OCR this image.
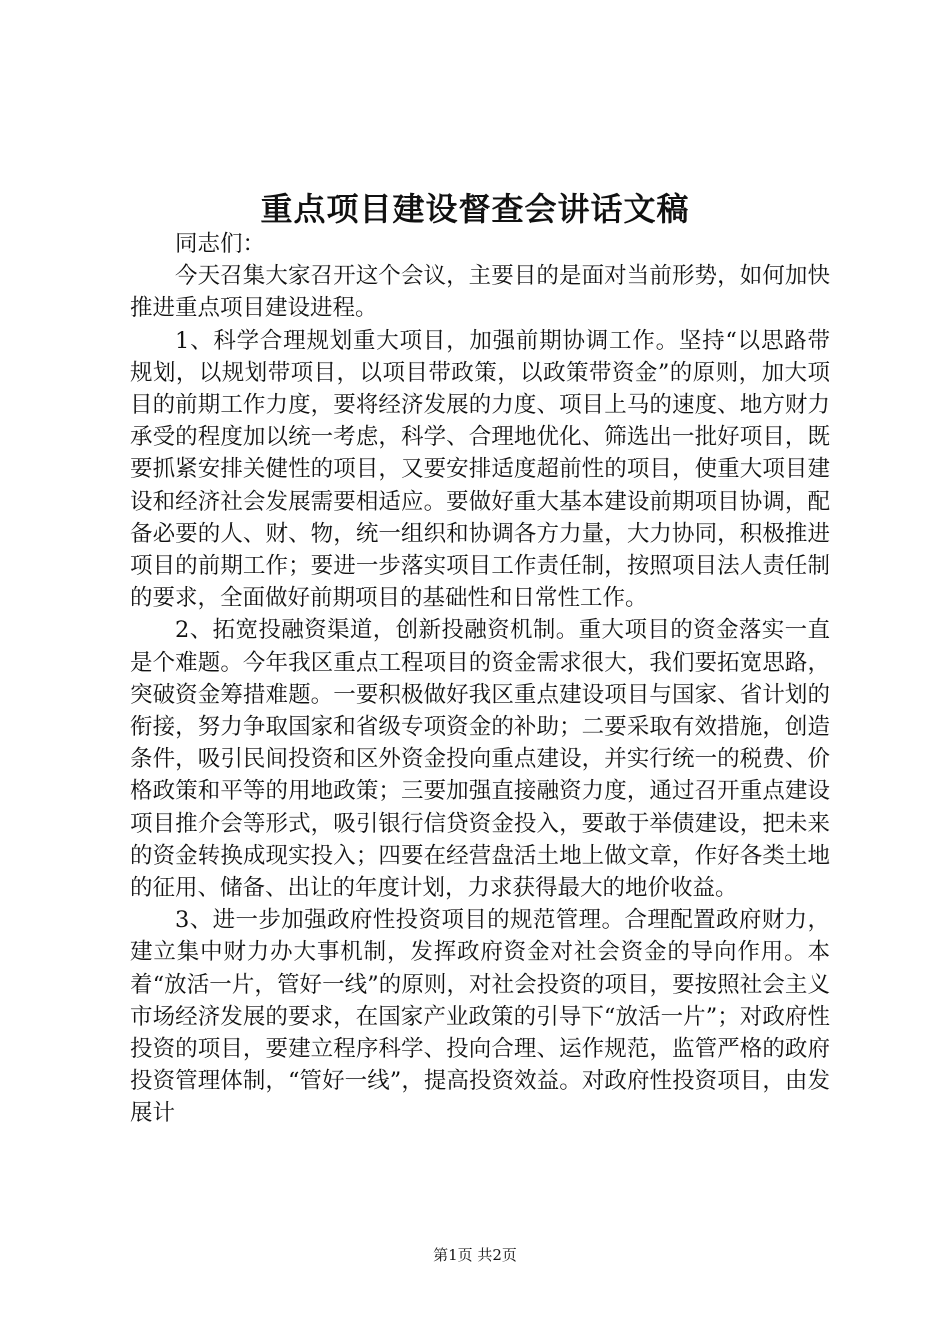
重点项目建设督查会讲话文稿

同志们：

今天召集大家召开这个会议，主要目的是面对当前形势，如何加快推进重点项目建设进程。

1、科学合理规划重大项目，加强前期协调工作。坚持“以思路带规划，以规划带项目，以项目带政策，以政策带资金”的原则，加大项目的前期工作力度，要将经济发展的力度、项目上马的速度、地方财力承受的程度加以统一考虑，科学、合理地优化、筛选出一批好项目，既要抓紧安排关健性的项目，又要安排适度超前性的项目，使重大项目建设和经济社会发展需要相适应。要做好重大基本建设前期项目协调，配备必要的人、财、物，统一组织和协调各方力量，大力协同，积极推进项目的前期工作；要进一步落实项目工作责任制，按照项目法人责任制的要求，全面做好前期项目的基础性和日常性工作。

2、拓宽投融资渠道，创新投融资机制。重大项目的资金落实一直是个难题。今年我区重点工程项目的资金需求很大，我们要拓宽思路，突破资金筹措难题。一要积极做好我区重点建设项目与国家、省计划的衔接，努力争取国家和省级专项资金的补助；二要采取有效措施，创造条件，吸引民间投资和区外资金投向重点建设，并实行统一的税费、价格政策和平等的用地政策；三要加强直接融资力度，通过召开重点建设项目推介会等形式，吸引银行信贷资金投入，要敢于举债建设，把未来的资金转换成现实投入；四要在经营盘活土地上做文章，作好各类土地的征用、储备、出让的年度计划，力求获得最大的地价收益。

3、进一步加强政府性投资项目的规范管理。合理配置政府财力，建立集中财力办大事机制，发挥政府资金对社会资金的导向作用。本着“放活一片，管好一线”的原则，对社会投资的项目，要按照社会主义市场经济发展的要求，在国家产业政策的引导下“放活一片”；对政府性投资的项目，要建立程序科学、投向合理、运作规范，监管严格的政府投资管理体制，“管好一线”，提高投资效益。对政府性投资项目，由发展计

第1页 共2页
